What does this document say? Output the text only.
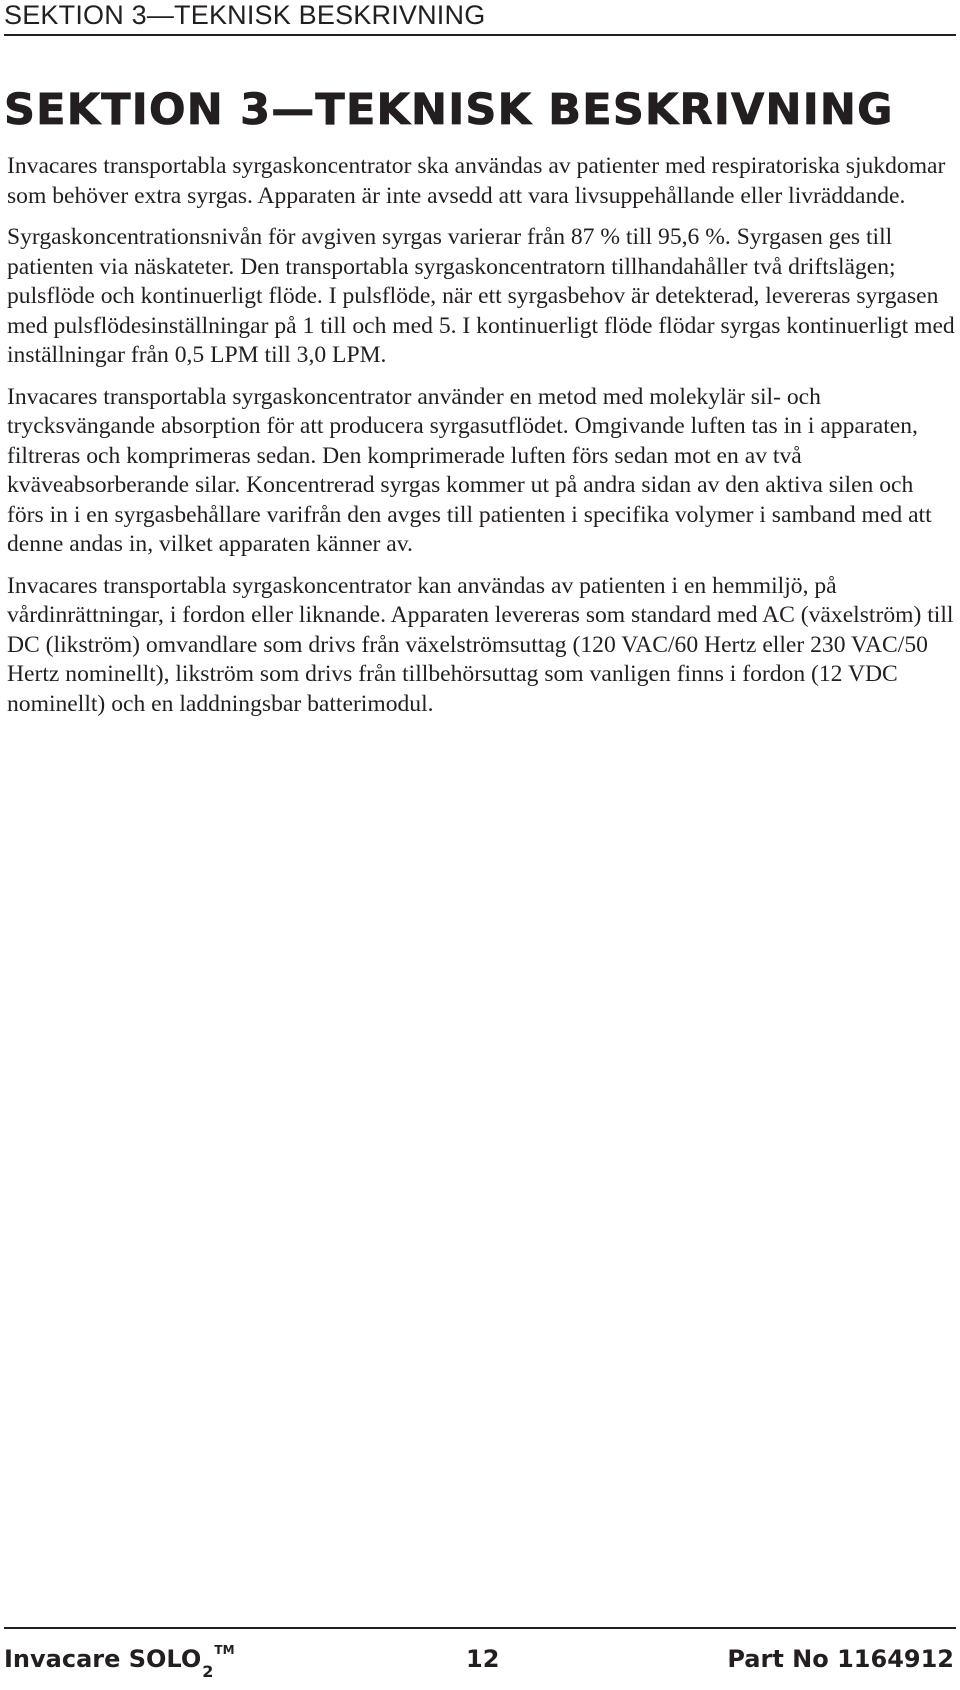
SEKTION 3—TEKNISK BESKRIVNING
SEKTION 3—TEKNISK BESKRIVNING

Invacares transportabla syrgaskoncentrator ska användas av patienter med respiratoriska sjukdomar som behöver extra syrgas. Apparaten är inte avsedd att vara livsuppehållande eller livräddande.

Syrgaskoncentrationsnivån för avgiven syrgas varierar från 87 % till 95,6 %. Syrgasen ges till patienten via näskateter. Den transportabla syrgaskoncentratorn tillhandahåller två driftslägen; pulsflöde och kontinuerligt flöde. I pulsflöde, när ett syrgasbehov är detekterad, levereras syrgasen med pulsflödesinställningar på 1 till och med 5. I kontinuerligt flöde flödar syrgas kontinuerligt med inställningar från 0,5 LPM till 3,0 LPM.

Invacares transportabla syrgaskoncentrator använder en metod med molekylär sil- och trycksvängande absorption för att producera syrgasutflödet. Omgivande luften tas in i apparaten, filtreras och komprimeras sedan. Den komprimerade luften förs sedan mot en av två kväveabsorberande silar. Koncentrerad syrgas kommer ut på andra sidan av den aktiva silen och förs in i en syrgasbehållare varifrån den avges till patienten i specifika volymer i samband med att denne andas in, vilket apparaten känner av.

Invacares transportabla syrgaskoncentrator kan användas av patienten i en hemmiljö, på vårdinrättningar, i fordon eller liknande. Apparaten levereras som standard med AC (växelström) till DC (likström) omvandlare som drivs från växelströmsuttag (120 VAC/60 Hertz eller 230 VAC/50 Hertz nominellt), likström som drivs från tillbehörsuttag som vanligen finns i fordon (12 VDC nominellt) och en laddningsbar batterimodul.

Invacare $SOLO_2™$	12	Part No 1164912
